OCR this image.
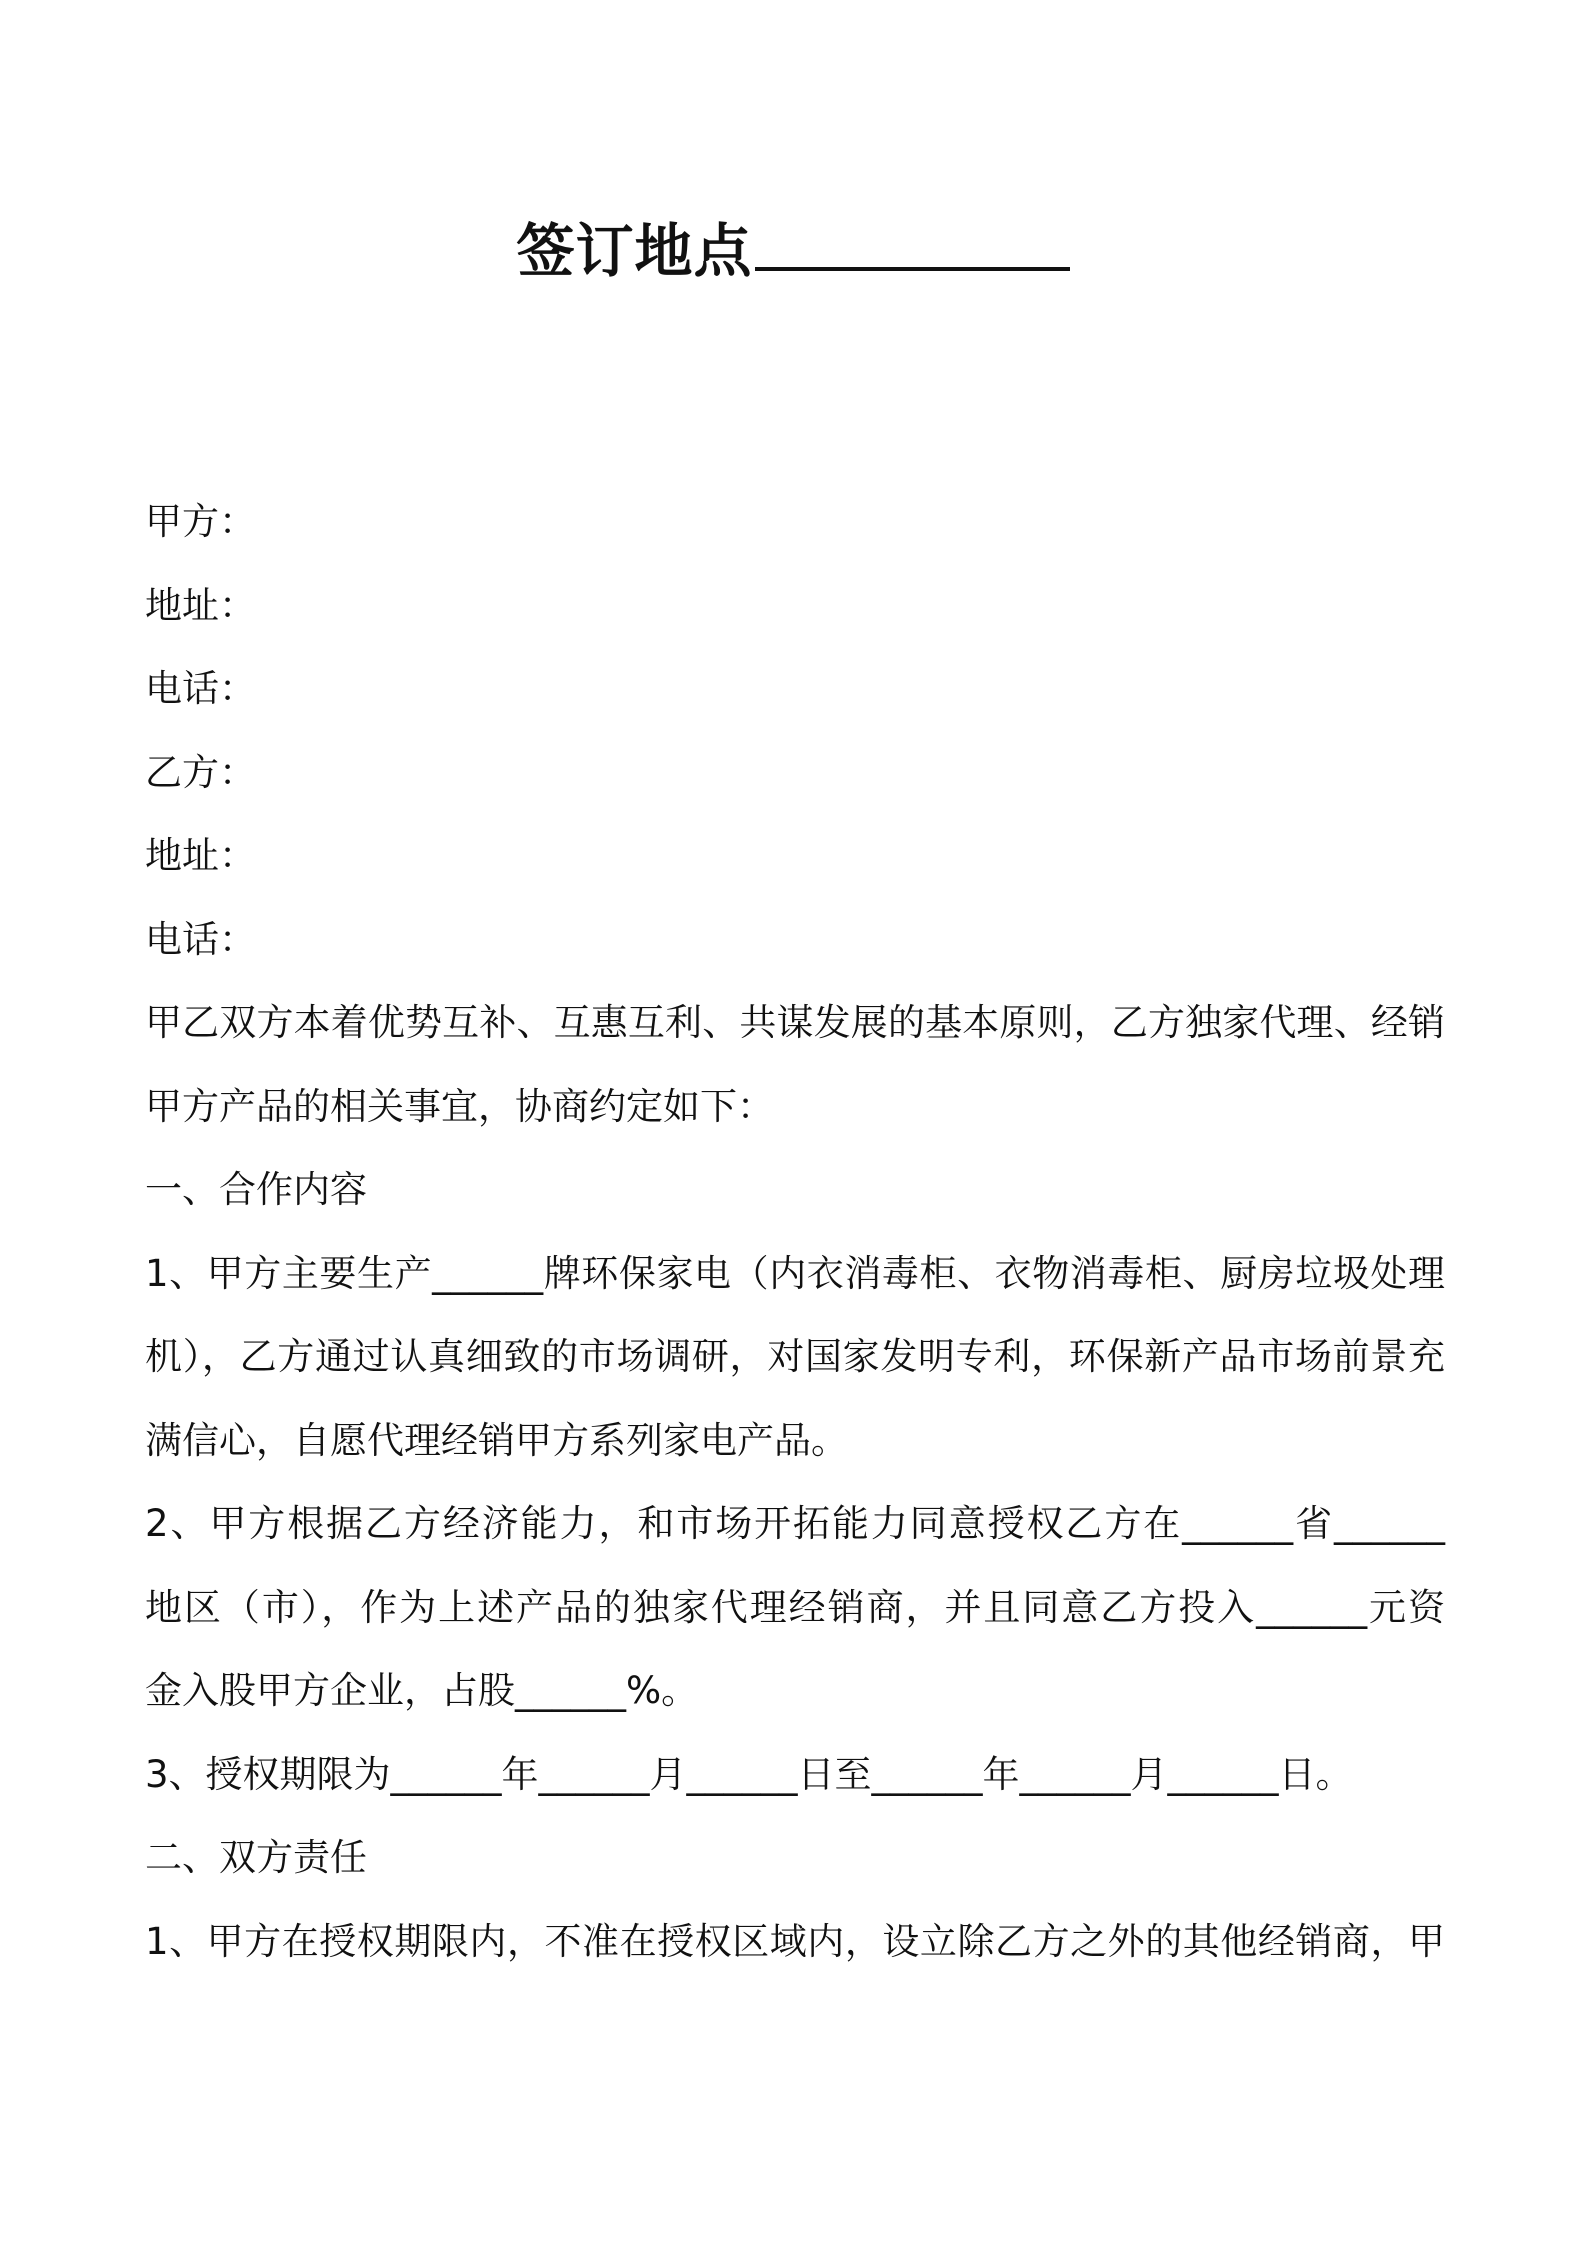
签订地点
甲方：
地址：
电话：
乙方：
地址：
电话：
甲乙双方本着优势互补、互惠互利、共谋发展的基本原则，乙方独家代理、经销
甲方产品的相关事宜，协商约定如下：
一、合作内容
1、甲方主要生产______牌环保家电（内衣消毒柜、衣物消毒柜、厨房垃圾处理
机），乙方通过认真细致的市场调研，对国家发明专利，环保新产品市场前景充
满信心，自愿代理经销甲方系列家电产品。
2、甲方根据乙方经济能力，和市场开拓能力同意授权乙方在______省______
地区（市），作为上述产品的独家代理经销商，并且同意乙方投入______元资
金入股甲方企业，占股______%。
3、授权期限为______年______月______日至______年______月______日。
二、双方责任
1、甲方在授权期限内，不准在授权区域内，设立除乙方之外的其他经销商，甲
